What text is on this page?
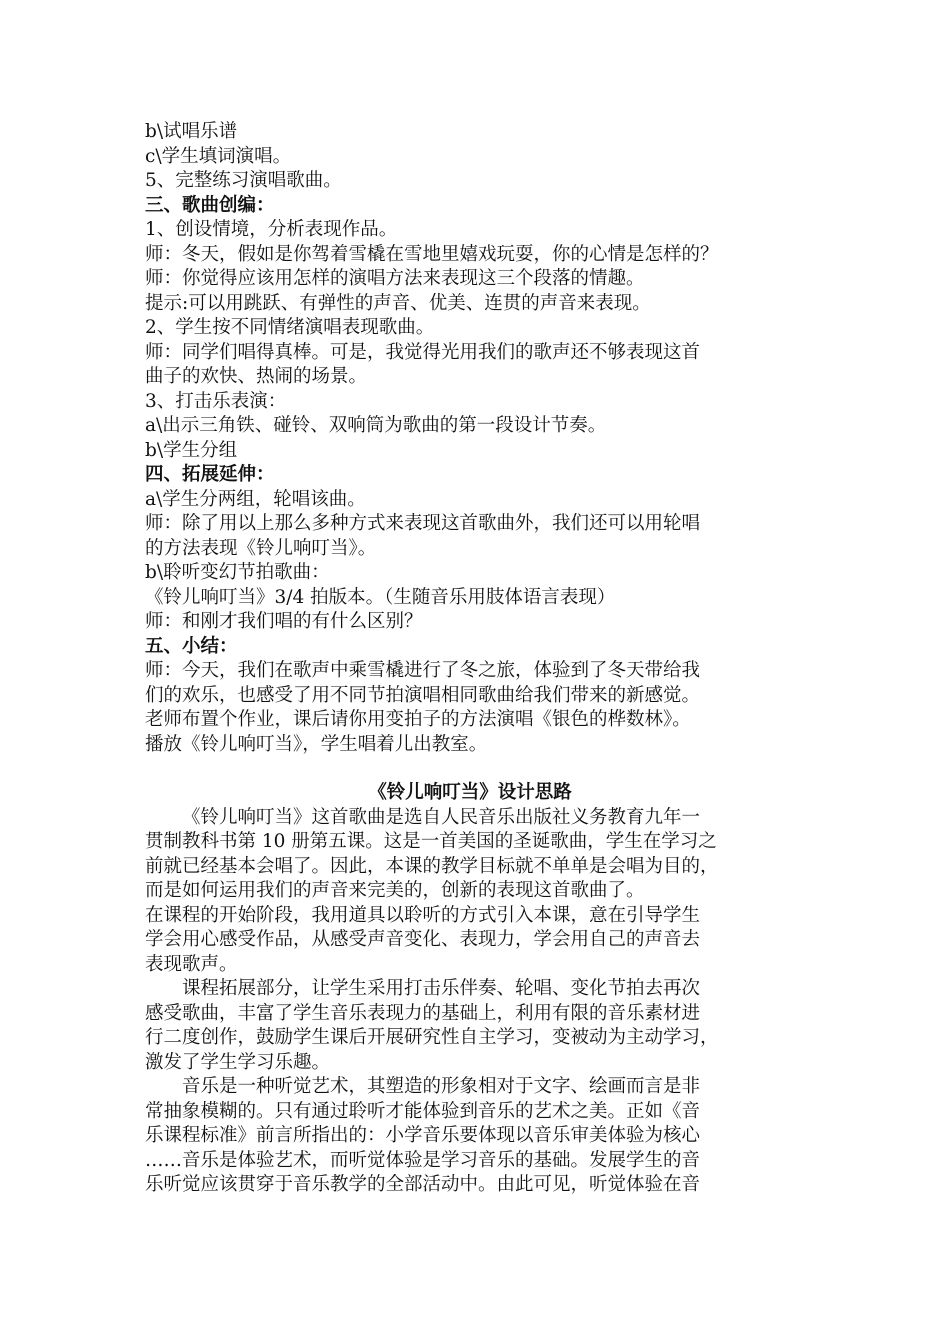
b\试唱乐谱
c\学生填词演唱。
5、完整练习演唱歌曲。
三、歌曲创编：
1、创设情境，分析表现作品。
师：冬天，假如是你驾着雪橇在雪地里嬉戏玩耍，你的心情是怎样的？
师：你觉得应该用怎样的演唱方法来表现这三个段落的情趣。
提示:可以用跳跃、有弹性的声音、优美、连贯的声音来表现。
2、学生按不同情绪演唱表现歌曲。
师：同学们唱得真棒。可是，我觉得光用我们的歌声还不够表现这首
曲子的欢快、热闹的场景。
3、打击乐表演：
a\出示三角铁、碰铃、双响筒为歌曲的第一段设计节奏。
b\学生分组
四、拓展延伸：
a\学生分两组，轮唱该曲。
师：除了用以上那么多种方式来表现这首歌曲外，我们还可以用轮唱
的方法表现《铃儿响叮当》。
b\聆听变幻节拍歌曲：
《铃儿响叮当》3/4 拍版本。（生随音乐用肢体语言表现）
师：和刚才我们唱的有什么区别？
五、小结：
师：今天，我们在歌声中乘雪橇进行了冬之旅，体验到了冬天带给我
们的欢乐，也感受了用不同节拍演唱相同歌曲给我们带来的新感觉。
老师布置个作业，课后请你用变拍子的方法演唱《银色的桦数林》。
播放《铃儿响叮当》，学生唱着儿出教室。
《铃儿响叮当》设计思路
《铃儿响叮当》这首歌曲是选自人民音乐出版社义务教育九年一
贯制教科书第 10 册第五课。这是一首美国的圣诞歌曲，学生在学习之
前就已经基本会唱了。因此，本课的教学目标就不单单是会唱为目的，
而是如何运用我们的声音来完美的，创新的表现这首歌曲了。
在课程的开始阶段，我用道具以聆听的方式引入本课，意在引导学生
学会用心感受作品，从感受声音变化、表现力，学会用自己的声音去
表现歌声。
课程拓展部分，让学生采用打击乐伴奏、轮唱、变化节拍去再次
感受歌曲，丰富了学生音乐表现力的基础上，利用有限的音乐素材进
行二度创作，鼓励学生课后开展研究性自主学习，变被动为主动学习，
激发了学生学习乐趣。
音乐是一种听觉艺术，其塑造的形象相对于文字、绘画而言是非
常抽象模糊的。只有通过聆听才能体验到音乐的艺术之美。正如《音
乐课程标准》前言所指出的：小学音乐要体现以音乐审美体验为核心
……音乐是体验艺术，而听觉体验是学习音乐的基础。发展学生的音
乐听觉应该贯穿于音乐教学的全部活动中。由此可见，听觉体验在音
